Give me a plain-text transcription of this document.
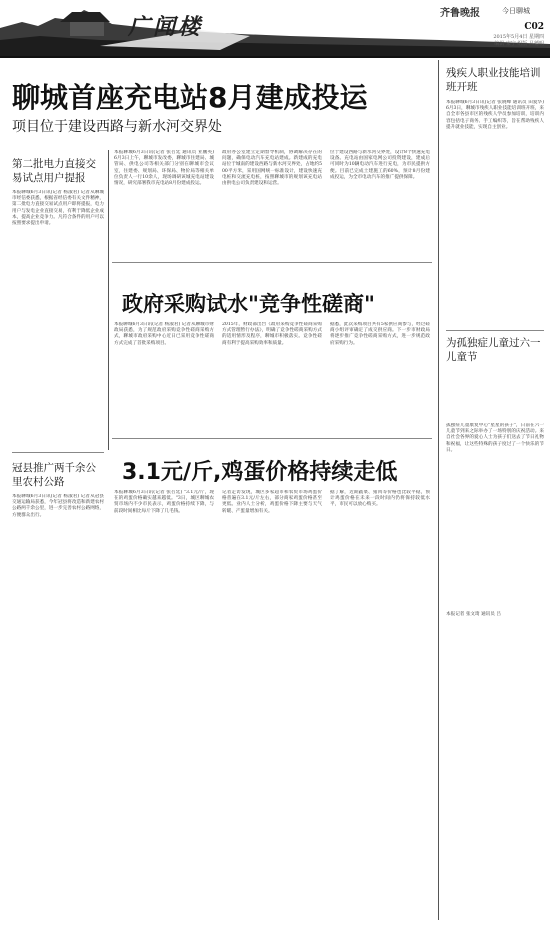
广闻楼
齐鲁晚报	今日聊城
C02
2015年5月4日 星期四
编辑 宋宁 组版 吕德明
聊城首座充电站8月建成投运
项目位于建设西路与新水河交界处
第二批电力直接交易试点用户提报
本报聊城6月3日讯(记者 杨淑君) 记者从聊城市经信委获悉，根据省经信委有关文件精神，第二批电力直接交易试点用户即将提报，电力用户与发电企业直接交易，有利于降低企业成本，提高企业竞争力。凡符合条件的用户可以按照要求提出申请。
冠县推广两千余公里农村公路
本报聊城6月3日讯(记者 杨淑君) 记者从冠县交通运输局获悉，今年冠县将改造和新建农村公路两千余公里，进一步完善农村公路网络，方便群众出行。
本报聊城6月3日讯(记者 张召廷 通讯员 亚鹏英) 6月3日上午，聊城市发改委，聊城市住建局、城管局、供电公司等相关部门分别在聊城市会议室，住建委、规划局、环保局、物价局等相关单位负责人一行10余人，现场调研该城充电站建设情况，研究部署我市充电站8月份建成投运。
政府办公室建立定期督导机制，协调解决存在的问题，确保电动汽车充电站建成。新建成的充电站位于城南的建设西路与新水河交界处，占地约500平方米，采用国网统一标准设计，建设快速充电桩和交流充电桩，按照聊城市的规划该充电站由供电公司负责建设和运营。
位于建设西路与新水河交界处，设计8个快速充电设备。充电站由国家电网公司投资建设，建成后可同时为10辆电动汽车进行充电，为市民提供方便。目前已完成土建施工的60%，预计8月份建成投运，为全市电动汽车的推广提供保障。
政府采购试水"竞争性磋商"
本报聊城6月3日讯(记者 杨淑君) 记者从聊城市财政局获悉，为了规范政府采购竞争性磋商采购方式，聊城市政府采购中心近日已采用竞争性磋商方式完成了首批采购项目。
2015年，财政部出台《政府采购竞争性磋商采购方式管理暂行办法》，明确了竞争性磋商采购方式的适用情形及程序，聊城市积极落实。竞争性磋商有利于提高采购效率和质量。
据悉，此次采购项目共有5家供应商参与，经过磋商小组评审确定了成交供应商。下一步市财政局将逐步推广竞争性磋商采购方式，进一步规范政府采购行为。
3.1元/斤,鸡蛋价格持续走低
本报聊城6月3日讯(记者 张召廷) "3.1元/斤，现在的鸡蛋价格确实越来越低。"3日，城区聊城农贸市场内不少市民表示，鸡蛋价格持续下降，与前段时间相比每斤下降了几毛钱。
记者走访发现，城区多家超市和农贸市场鸡蛋价格普遍在3.1元/斤左右，部分商家鸡蛋价格甚至更低。业内人士分析，鸡蛋价格下降主要与天气转暖、产蛋量增加有关。
据了解，近期蔬菜、猪肉等价格也比较平稳，预计鸡蛋价格在未来一段时间内仍将保持较低水平，市民可以放心购买。
残疾人职业技能培训班开班
本报聊城6月3日讯(记者 张晓峰 通讯员 田爱华) 6月3日，聊城市残疾人职业技能培训班开班，来自全市各县市区的残疾人学员参加培训，培训内容包括电子商务、手工编织等，旨在帮助残疾人提升就业技能，实现自主创业。
为孤独症儿童过六一儿童节
孤独症儿童康复中心"星星的孩子"，日前在六一儿童节到来之际举办了一场特别的庆祝活动。来自社会各界的爱心人士为孩子们送去了节日礼物和祝福，让这些特殊的孩子度过了一个快乐的节日。
本报记者 张文琦 通讯员 吕
